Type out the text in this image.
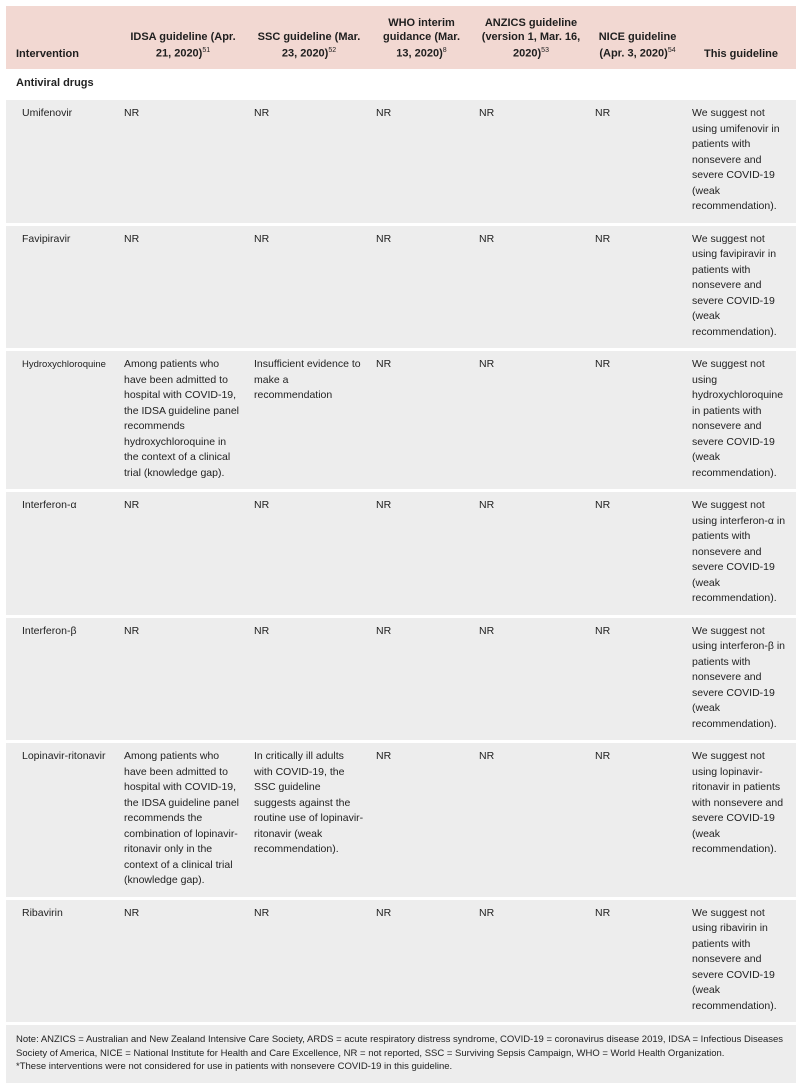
Intervention	IDSA guideline (Apr. 21, 2020)$^{51}$	SSC guideline (Mar. 23, 2020)$^{52}$	WHO interim guidance (Mar. 13, 2020)$^8$	ANZICS guideline (version 1, Mar. 16, 2020)$^{53}$	NICE guideline (Apr. 3, 2020)$^{54}$	This guideline
Antiviral drugs						
Umifenovir	NR	NR	NR	NR	NR	We suggest not using umifenovir in patients with nonsevere and severe COVID-19 (weak recommendation).
Favipiravir	NR	NR	NR	NR	NR	We suggest not using favipiravir in patients with nonsevere and severe COVID-19 (weak recommendation).
Hydroxychloroquine	Among patients who have been admitted to hospital with COVID-19, the IDSA guideline panel recommends hydroxychloroquine in the context of a clinical trial (knowledge gap).	Insufficient evidence to make a recommendation	NR	NR	NR	We suggest not using hydroxychloroquine in patients with nonsevere and severe COVID-19 (weak recommendation).
Interferon-α	NR	NR	NR	NR	NR	We suggest not using interferon-α in patients with nonsevere and severe COVID-19 (weak recommendation).
Interferon-β	NR	NR	NR	NR	NR	We suggest not using interferon-β in patients with nonsevere and severe COVID-19 (weak recommendation).
Lopinavir-ritonavir	Among patients who have been admitted to hospital with COVID-19, the IDSA guideline panel recommends the combination of lopinavir-ritonavir only in the context of a clinical trial (knowledge gap).	In critically ill adults with COVID-19, the SSC guideline suggests against the routine use of lopinavir-ritonavir (weak recommendation).	NR	NR	NR	We suggest not using lopinavir-ritonavir in patients with nonsevere and severe COVID-19 (weak recommendation).
Ribavirin	NR	NR	NR	NR	NR	We suggest not using ribavirin in patients with nonsevere and severe COVID-19 (weak recommendation).
Note: ANZICS = Australian and New Zealand Intensive Care Society, ARDS = acute respiratory distress syndrome, COVID-19 = coronavirus disease 2019, IDSA = Infectious Diseases Society of America, NICE = National Institute for Health and Care Excellence, NR = not reported, SSC = Surviving Sepsis Campaign, WHO = World Health Organization.
*These interventions were not considered for use in patients with nonsevere COVID-19 in this guideline.
